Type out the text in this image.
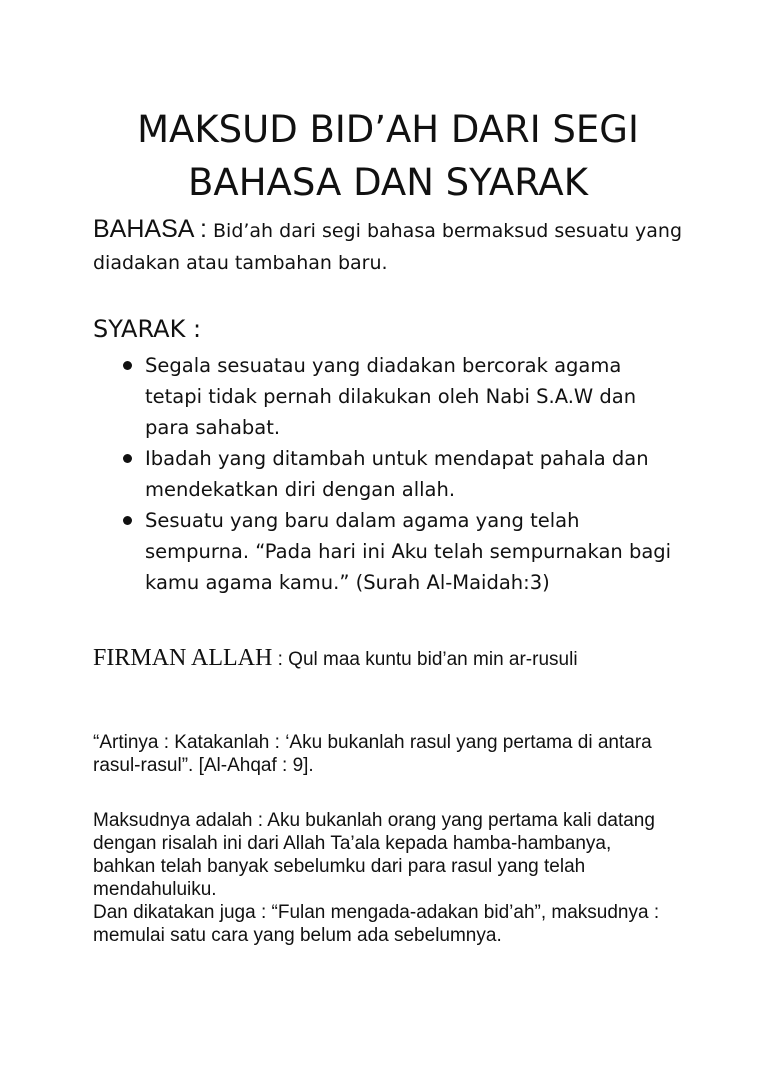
MAKSUD BID’AH DARI SEGI
BAHASA DAN SYARAK
BAHASA : Bid’ah dari segi bahasa bermaksud sesuatu yang diadakan atau tambahan baru.
SYARAK :
Segala sesuatau yang diadakan bercorak agama tetapi tidak pernah dilakukan oleh Nabi S.A.W dan para sahabat.
Ibadah yang ditambah untuk mendapat pahala dan mendekatkan diri dengan allah.
Sesuatu yang baru dalam agama yang telah sempurna. “Pada hari ini Aku telah sempurnakan bagi kamu agama kamu.” (Surah Al-Maidah:3)
FIRMAN ALLAH : Qul maa kuntu bid’an min ar-rusuli

“Artinya : Katakanlah : ‘Aku bukanlah rasul yang pertama di antara rasul-rasul”. [Al-Ahqaf : 9].

Maksudnya adalah : Aku bukanlah orang yang pertama kali datang dengan risalah ini dari Allah Ta’ala kepada hamba-hambanya, bahkan telah banyak sebelumku dari para rasul yang telah mendahuluiku.
Dan dikatakan juga : “Fulan mengada-adakan bid’ah”, maksudnya : memulai satu cara yang belum ada sebelumnya.
